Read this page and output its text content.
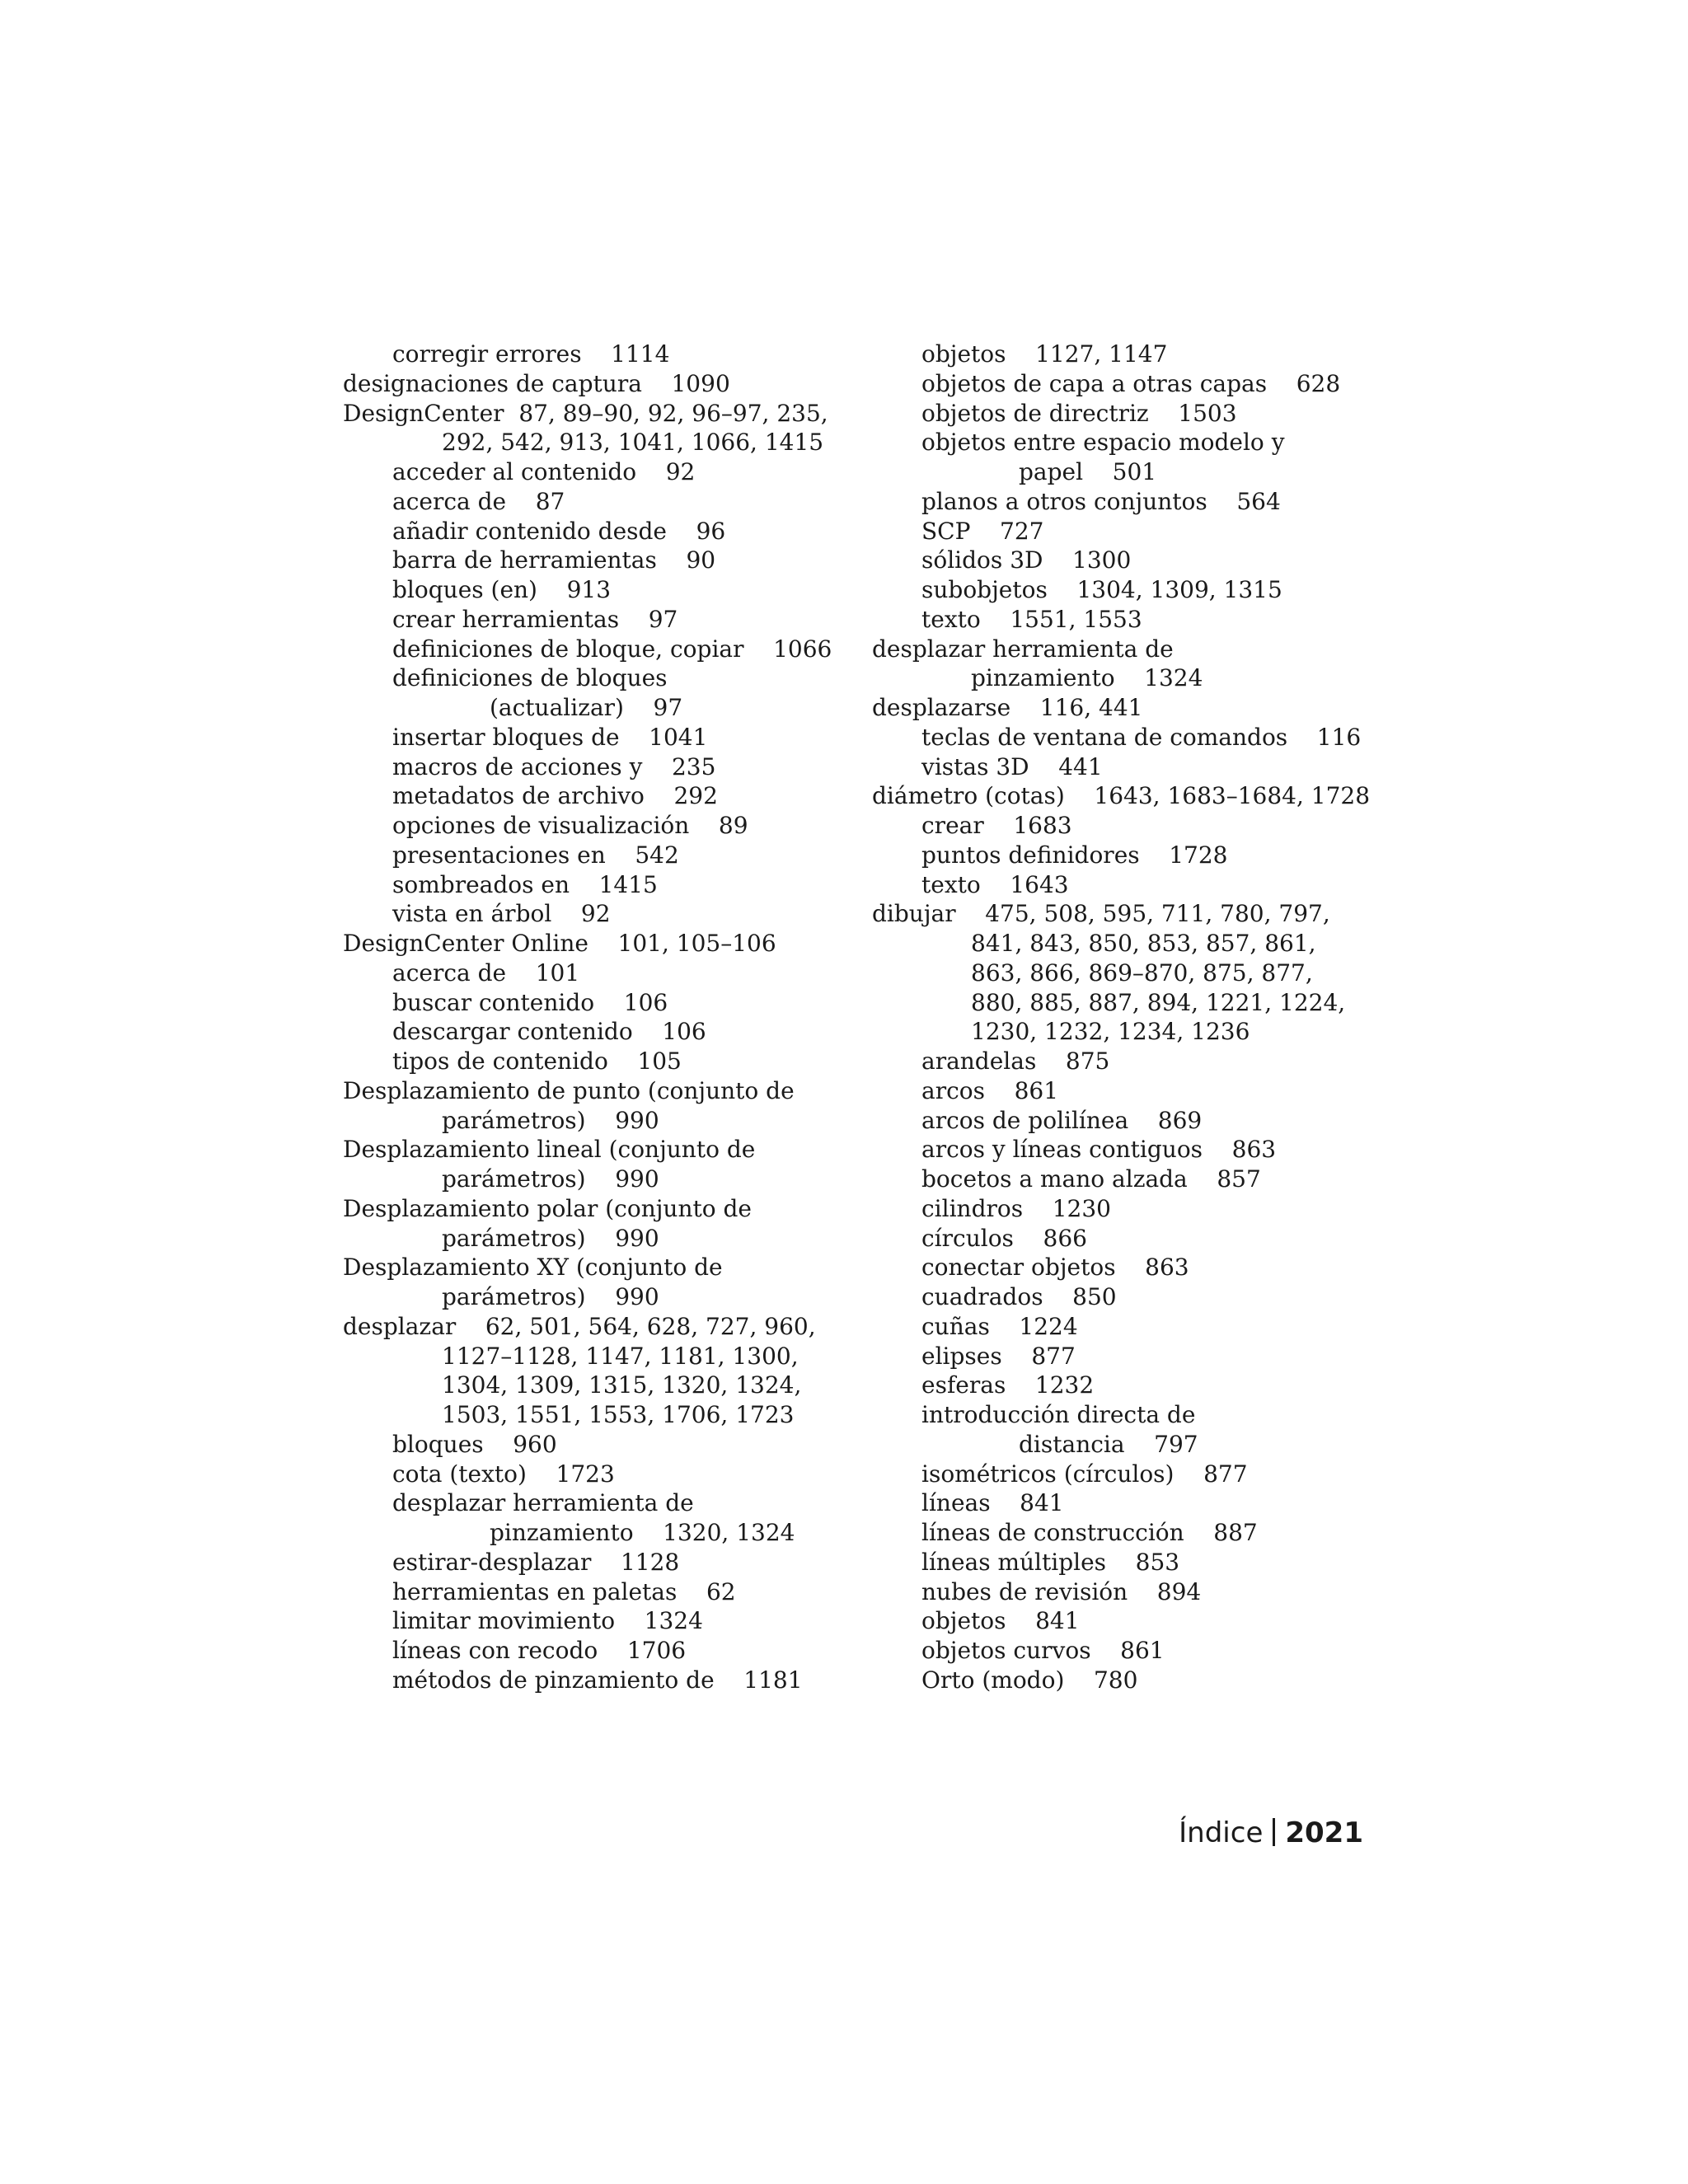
corregir errores    1114
designaciones de captura    1090
DesignCenter  87, 89–90, 92, 96–97, 235,
292, 542, 913, 1041, 1066, 1415
acceder al contenido    92
acerca de    87
añadir contenido desde    96
barra de herramientas    90
bloques (en)    913
crear herramientas    97
definiciones de bloque, copiar    1066
definiciones de bloques
(actualizar)    97
insertar bloques de    1041
macros de acciones y    235
metadatos de archivo    292
opciones de visualización    89
presentaciones en    542
sombreados en    1415
vista en árbol    92
DesignCenter Online    101, 105–106
acerca de    101
buscar contenido    106
descargar contenido    106
tipos de contenido    105
Desplazamiento de punto (conjunto de
parámetros)    990
Desplazamiento lineal (conjunto de
parámetros)    990
Desplazamiento polar (conjunto de
parámetros)    990
Desplazamiento XY (conjunto de
parámetros)    990
desplazar    62, 501, 564, 628, 727, 960,
1127–1128, 1147, 1181, 1300,
1304, 1309, 1315, 1320, 1324,
1503, 1551, 1553, 1706, 1723
bloques    960
cota (texto)    1723
desplazar herramienta de
pinzamiento    1320, 1324
estirar-desplazar    1128
herramientas en paletas    62
limitar movimiento    1324
líneas con recodo    1706
métodos de pinzamiento de    1181
objetos    1127, 1147
objetos de capa a otras capas    628
objetos de directriz    1503
objetos entre espacio modelo y
papel    501
planos a otros conjuntos    564
SCP    727
sólidos 3D    1300
subobjetos    1304, 1309, 1315
texto    1551, 1553
desplazar herramienta de
pinzamiento    1324
desplazarse    116, 441
teclas de ventana de comandos    116
vistas 3D    441
diámetro (cotas)    1643, 1683–1684, 1728
crear    1683
puntos definidores    1728
texto    1643
dibujar    475, 508, 595, 711, 780, 797,
841, 843, 850, 853, 857, 861,
863, 866, 869–870, 875, 877,
880, 885, 887, 894, 1221, 1224,
1230, 1232, 1234, 1236
arandelas    875
arcos    861
arcos de polilínea    869
arcos y líneas contiguos    863
bocetos a mano alzada    857
cilindros    1230
círculos    866
conectar objetos    863
cuadrados    850
cuñas    1224
elipses    877
esferas    1232
introducción directa de
distancia    797
isométricos (círculos)    877
líneas    841
líneas de construcción    887
líneas múltiples    853
nubes de revisión    894
objetos    841
objetos curvos    861
Orto (modo)    780
Índice 2021
